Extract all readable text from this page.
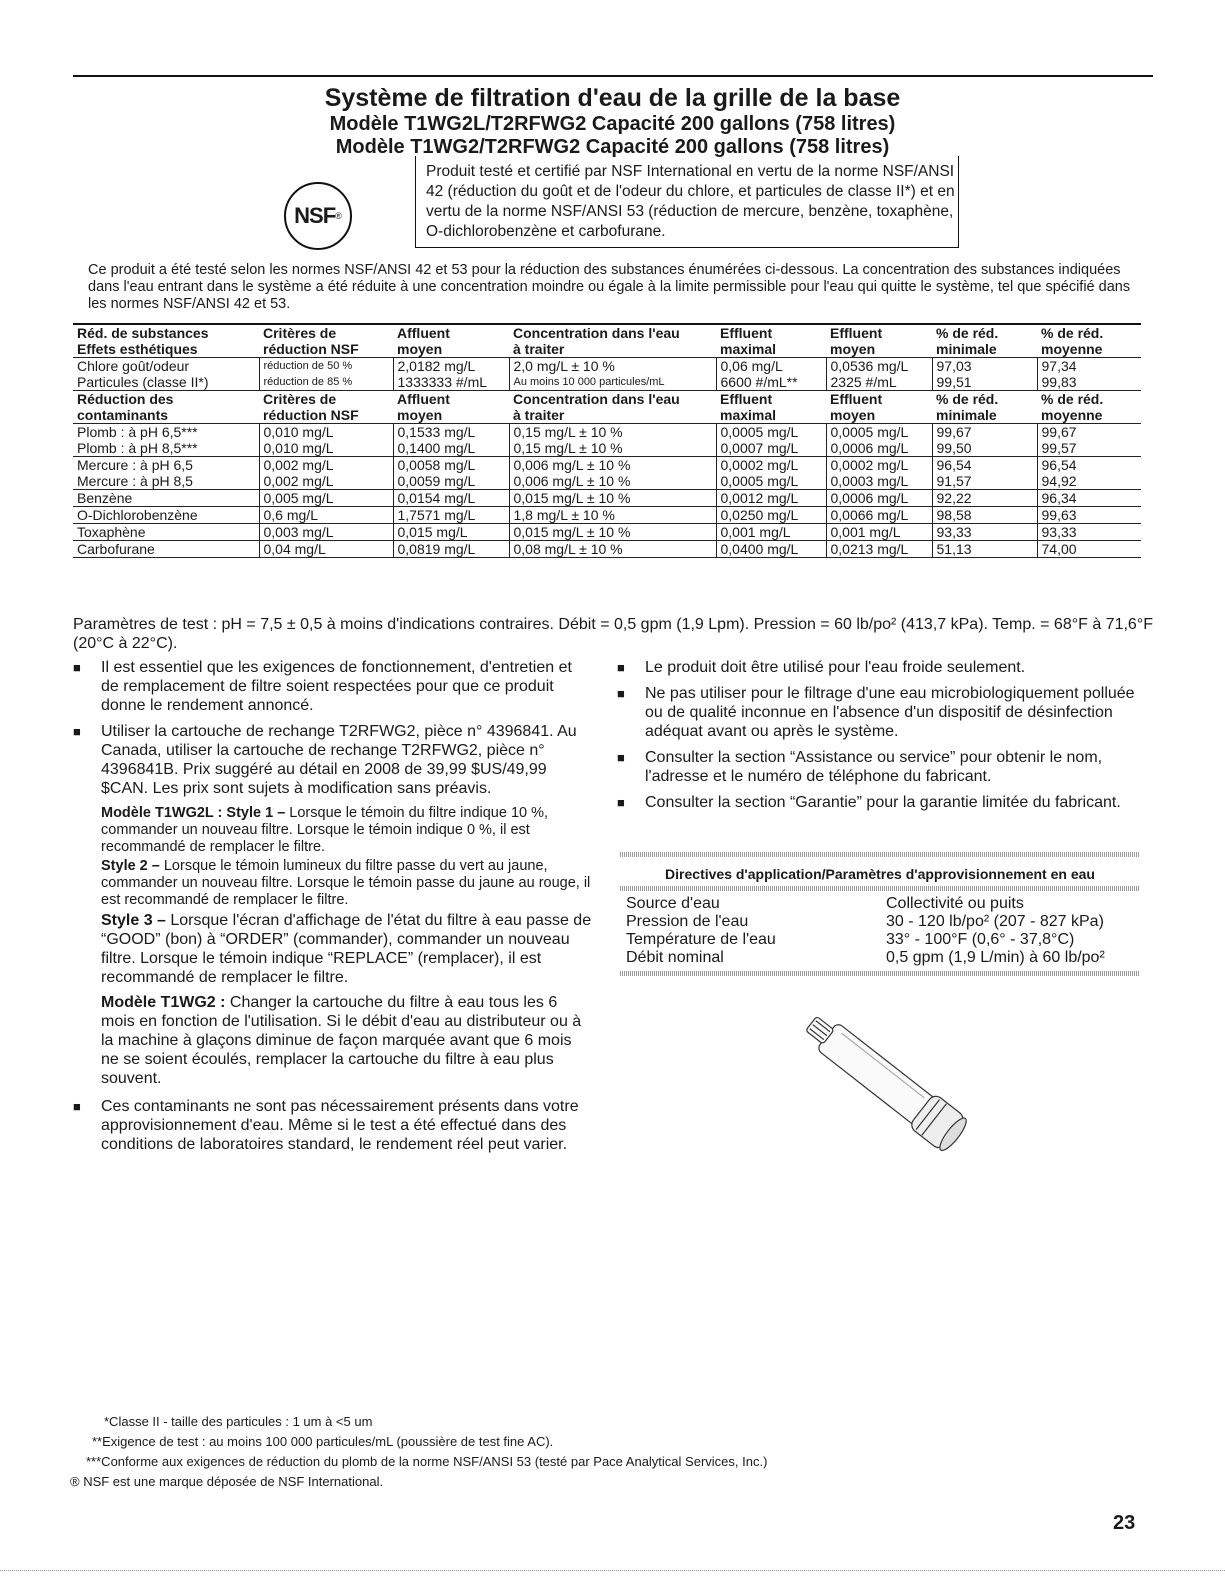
Système de filtration d'eau de la grille de la base
Modèle T1WG2L/T2RFWG2 Capacité 200 gallons (758 litres)
Modèle T1WG2/T2RFWG2 Capacité 200 gallons (758 litres)
NSF ®
Produit testé et certifié par NSF International en vertu de la norme NSF/ANSI 42 (réduction du goût et de l'odeur du chlore, et particules de classe II*) et en vertu de la norme NSF/ANSI 53 (réduction de mercure, benzène, toxaphène, O-dichlorobenzène et carbofurane.
Ce produit a été testé selon les normes NSF/ANSI 42 et 53 pour la réduction des substances énumérées ci-dessous. La concentration des substances indiquées dans l'eau entrant dans le système a été réduite à une concentration moindre ou égale à la limite permissible pour l'eau qui quitte le système, tel que spécifié dans les normes NSF/ANSI 42 et 53.
Réd. de substances	Critères de	Affluent	Concentration dans l'eau	Effluent	Effluent	% de réd.	% de réd.
Effets esthétiques	réduction NSF	moyen	à traiter	maximal	moyen	minimale	moyenne
Chlore goût/odeur	réduction de 50 %	2,0182 mg/L	2,0 mg/L ± 10 %	0,06 mg/L	0,0536 mg/L	97,03	97,34
Particules (classe II*)	réduction de 85 %	1333333 #/mL	Au moins 10 000 particules/mL	6600 #/mL**	2325 #/mL	99,51	99,83
Réduction des	Critères de	Affluent	Concentration dans l'eau	Effluent	Effluent	% de réd.	% de réd.
contaminants	réduction NSF	moyen	à traiter	maximal	moyen	minimale	moyenne
Plomb : à pH 6,5***	0,010 mg/L	0,1533 mg/L	0,15 mg/L ± 10 %	0,0005 mg/L	0,0005 mg/L	99,67	99,67
Plomb : à pH 8,5***	0,010 mg/L	0,1400 mg/L	0,15 mg/L ± 10 %	0,0007 mg/L	0,0006 mg/L	99,50	99,57
Mercure : à pH 6,5	0,002 mg/L	0,0058 mg/L	0,006 mg/L ± 10 %	0,0002 mg/L	0,0002 mg/L	96,54	96,54
Mercure : à pH 8,5	0,002 mg/L	0,0059 mg/L	0,006 mg/L ± 10 %	0,0005 mg/L	0,0003 mg/L	91,57	94,92
Benzène	0,005 mg/L	0,0154 mg/L	0,015 mg/L ± 10 %	0,0012 mg/L	0,0006 mg/L	92,22	96,34
O-Dichlorobenzène	0,6 mg/L	1,7571 mg/L	1,8 mg/L ± 10 %	0,0250 mg/L	0,0066 mg/L	98,58	99,63
Toxaphène	0,003 mg/L	0,015 mg/L	0,015 mg/L ± 10 %	0,001 mg/L	0,001 mg/L	93,33	93,33
Carbofurane	0,04 mg/L	0,0819 mg/L	0,08 mg/L ± 10 %	0,0400 mg/L	0,0213 mg/L	51,13	74,00
Paramètres de test : pH = 7,5 ± 0,5 à moins d'indications contraires. Débit = 0,5 gpm (1,9 Lpm). Pression = 60 lb/po² (413,7 kPa). Temp. = 68°F à 71,6°F (20°C à 22°C).
■ Il est essentiel que les exigences de fonctionnement, d'entretien et de remplacement de filtre soient respectées pour que ce produit donne le rendement annoncé.
■ Utiliser la cartouche de rechange T2RFWG2, pièce n° 4396841. Au Canada, utiliser la cartouche de rechange T2RFWG2, pièce n° 4396841B. Prix suggéré au détail en 2008 de 39,99 $US/49,99 $CAN. Les prix sont sujets à modification sans préavis.
Modèle T1WG2L : Style 1 – Lorsque le témoin du filtre indique 10 %, commander un nouveau filtre. Lorsque le témoin indique 0 %, il est recommandé de remplacer le filtre.
Style 2 – Lorsque le témoin lumineux du filtre passe du vert au jaune, commander un nouveau filtre. Lorsque le témoin passe du jaune au rouge, il est recommandé de remplacer le filtre.
Style 3 – Lorsque l'écran d'affichage de l'état du filtre à eau passe de “GOOD” (bon) à “ORDER” (commander), commander un nouveau filtre. Lorsque le témoin indique “REPLACE” (remplacer), il est recommandé de remplacer le filtre.
Modèle T1WG2 : Changer la cartouche du filtre à eau tous les 6 mois en fonction de l'utilisation. Si le débit d'eau au distributeur ou à la machine à glaçons diminue de façon marquée avant que 6 mois ne se soient écoulés, remplacer la cartouche du filtre à eau plus souvent.
■ Ces contaminants ne sont pas nécessairement présents dans votre approvisionnement d'eau. Même si le test a été effectué dans des conditions de laboratoires standard, le rendement réel peut varier.
■ Le produit doit être utilisé pour l'eau froide seulement.
■ Ne pas utiliser pour le filtrage d'une eau microbiologiquement polluée ou de qualité inconnue en l'absence d'un dispositif de désinfection adéquat avant ou après le système.
■ Consulter la section “Assistance ou service” pour obtenir le nom, l'adresse et le numéro de téléphone du fabricant.
■ Consulter la section “Garantie” pour la garantie limitée du fabricant.
Directives d'application/Paramètres d'approvisionnement en eau
Source d'eau	Collectivité ou puits
Pression de l'eau	30 - 120 lb/po² (207 - 827 kPa)
Température de l'eau	33° - 100°F (0,6° - 37,8°C)
Débit nominal	0,5 gpm (1,9 L/min) à 60 lb/po²
*Classe II - taille des particules : 1 um à <5 um
**Exigence de test : au moins 100 000 particules/mL (poussière de test fine AC).
***Conforme aux exigences de réduction du plomb de la norme NSF/ANSI 53 (testé par Pace Analytical Services, Inc.)
® NSF est une marque déposée de NSF International.
23
